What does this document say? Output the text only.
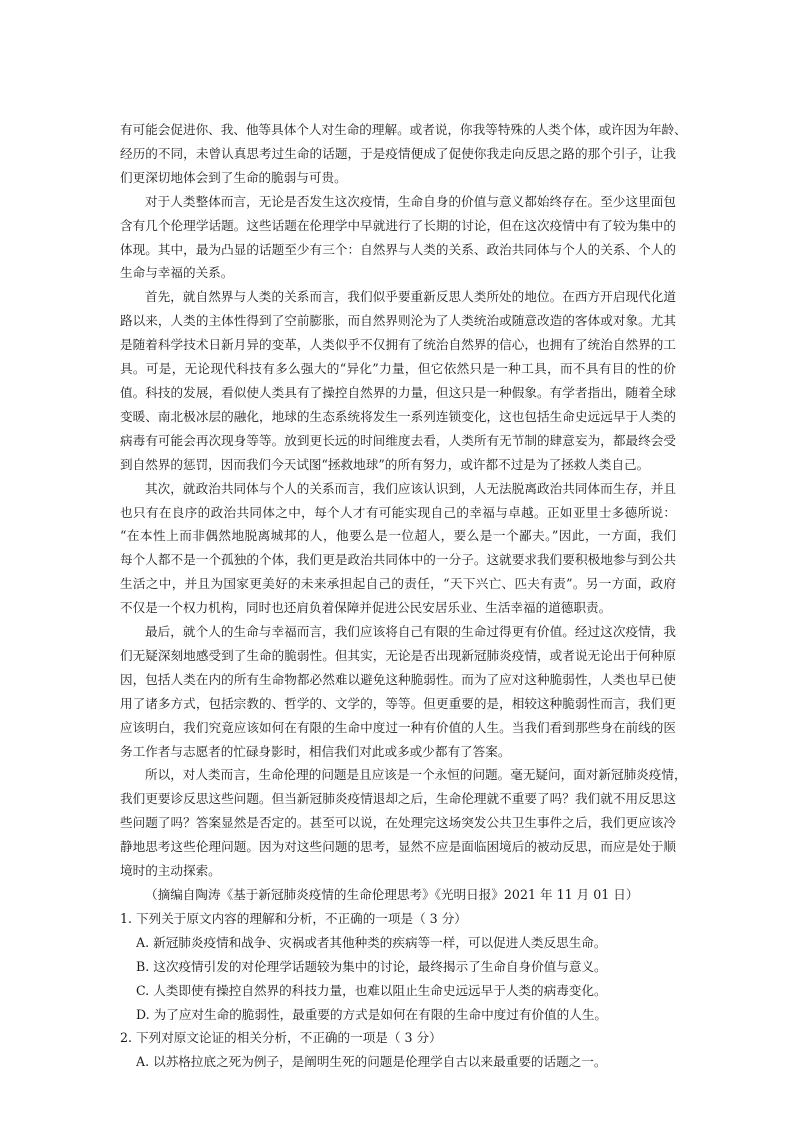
有可能会促进你、我、他等具体个人对生命的理解。或者说，你我等特殊的人类个体，或许因为年龄、
经历的不同，未曾认真思考过生命的话题，于是疫情便成了促使你我走向反思之路的那个引子，让我
们更深切地体会到了生命的脆弱与可贵。
对于人类整体而言，无论是否发生这次疫情，生命自身的价值与意义都始终存在。至少这里面包
含有几个伦理学话题。这些话题在伦理学中早就进行了长期的讨论，但在这次疫情中有了较为集中的
体现。其中，最为凸显的话题至少有三个：自然界与人类的关系、政治共同体与个人的关系、个人的
生命与幸福的关系。
首先，就自然界与人类的关系而言，我们似乎要重新反思人类所处的地位。在西方开启现代化道
路以来，人类的主体性得到了空前膨胀，而自然界则沦为了人类统治或随意改造的客体或对象。尤其
是随着科学技术日新月异的变革，人类似乎不仅拥有了统治自然界的信心，也拥有了统治自然界的工
具。可是，无论现代科技有多么强大的“异化”力量，但它依然只是一种工具，而不具有目的性的价
值。科技的发展，看似使人类具有了操控自然界的力量，但这只是一种假象。有学者指出，随着全球
变暖、南北极冰层的融化，地球的生态系统将发生一系列连锁变化，这也包括生命史远远早于人类的
病毒有可能会再次现身等等。放到更长远的时间维度去看，人类所有无节制的肆意妄为，都最终会受
到自然界的惩罚，因而我们今天试图“拯救地球”的所有努力，或许都不过是为了拯救人类自己。
其次，就政治共同体与个人的关系而言，我们应该认识到，人无法脱离政治共同体而生存，并且
也只有在良序的政治共同体之中，每个人才有可能实现自己的幸福与卓越。正如亚里士多德所说：
“在本性上而非偶然地脱离城邦的人，他要么是一位超人，要么是一个鄙夫。”因此，一方面，我们
每个人都不是一个孤独的个体，我们更是政治共同体中的一分子。这就要求我们要积极地参与到公共
生活之中，并且为国家更美好的未来承担起自己的责任，“天下兴亡、匹夫有责”。另一方面，政府
不仅是一个权力机构，同时也还肩负着保障并促进公民安居乐业、生活幸福的道德职责。
最后，就个人的生命与幸福而言，我们应该将自己有限的生命过得更有价值。经过这次疫情，我
们无疑深刻地感受到了生命的脆弱性。但其实，无论是否出现新冠肺炎疫情，或者说无论出于何种原
因，包括人类在内的所有生命物都必然难以避免这种脆弱性。而为了应对这种脆弱性，人类也早已使
用了诸多方式，包括宗教的、哲学的、文学的，等等。但更重要的是，相较这种脆弱性而言，我们更
应该明白，我们究竟应该如何在有限的生命中度过一种有价值的人生。当我们看到那些身在前线的医
务工作者与志愿者的忙碌身影时，相信我们对此或多或少都有了答案。
所以，对人类而言，生命伦理的问题是且应该是一个永恒的问题。毫无疑问，面对新冠肺炎疫情，
我们更要诊反思这些问题。但当新冠肺炎疫情退却之后，生命伦理就不重要了吗？我们就不用反思这
些问题了吗？答案显然是否定的。甚至可以说，在处理完这场突发公共卫生事件之后，我们更应该冷
静地思考这些伦理问题。因为对这些问题的思考，显然不应是面临困境后的被动反思，而应是处于顺
境时的主动探索。
（摘编自陶涛《基于新冠肺炎疫情的生命伦理思考》《光明日报》2021 年 11 月 01 日）
1. 下列关于原文内容的理解和分析，不正确的一项是（ 3 分）
A. 新冠肺炎疫情和战争、灾祸或者其他种类的疾病等一样，可以促进人类反思生命。
B. 这次疫情引发的对伦理学话题较为集中的讨论，最终揭示了生命自身价值与意义。
C. 人类即使有操控自然界的科技力量，也难以阻止生命史远远早于人类的病毒变化。
D. 为了应对生命的脆弱性，最重要的方式是如何在有限的生命中度过有价值的人生。
2. 下列对原文论证的相关分析，不正确的一项是（ 3 分）
A. 以苏格拉底之死为例子，是阐明生死的问题是伦理学自古以来最重要的话题之一。
